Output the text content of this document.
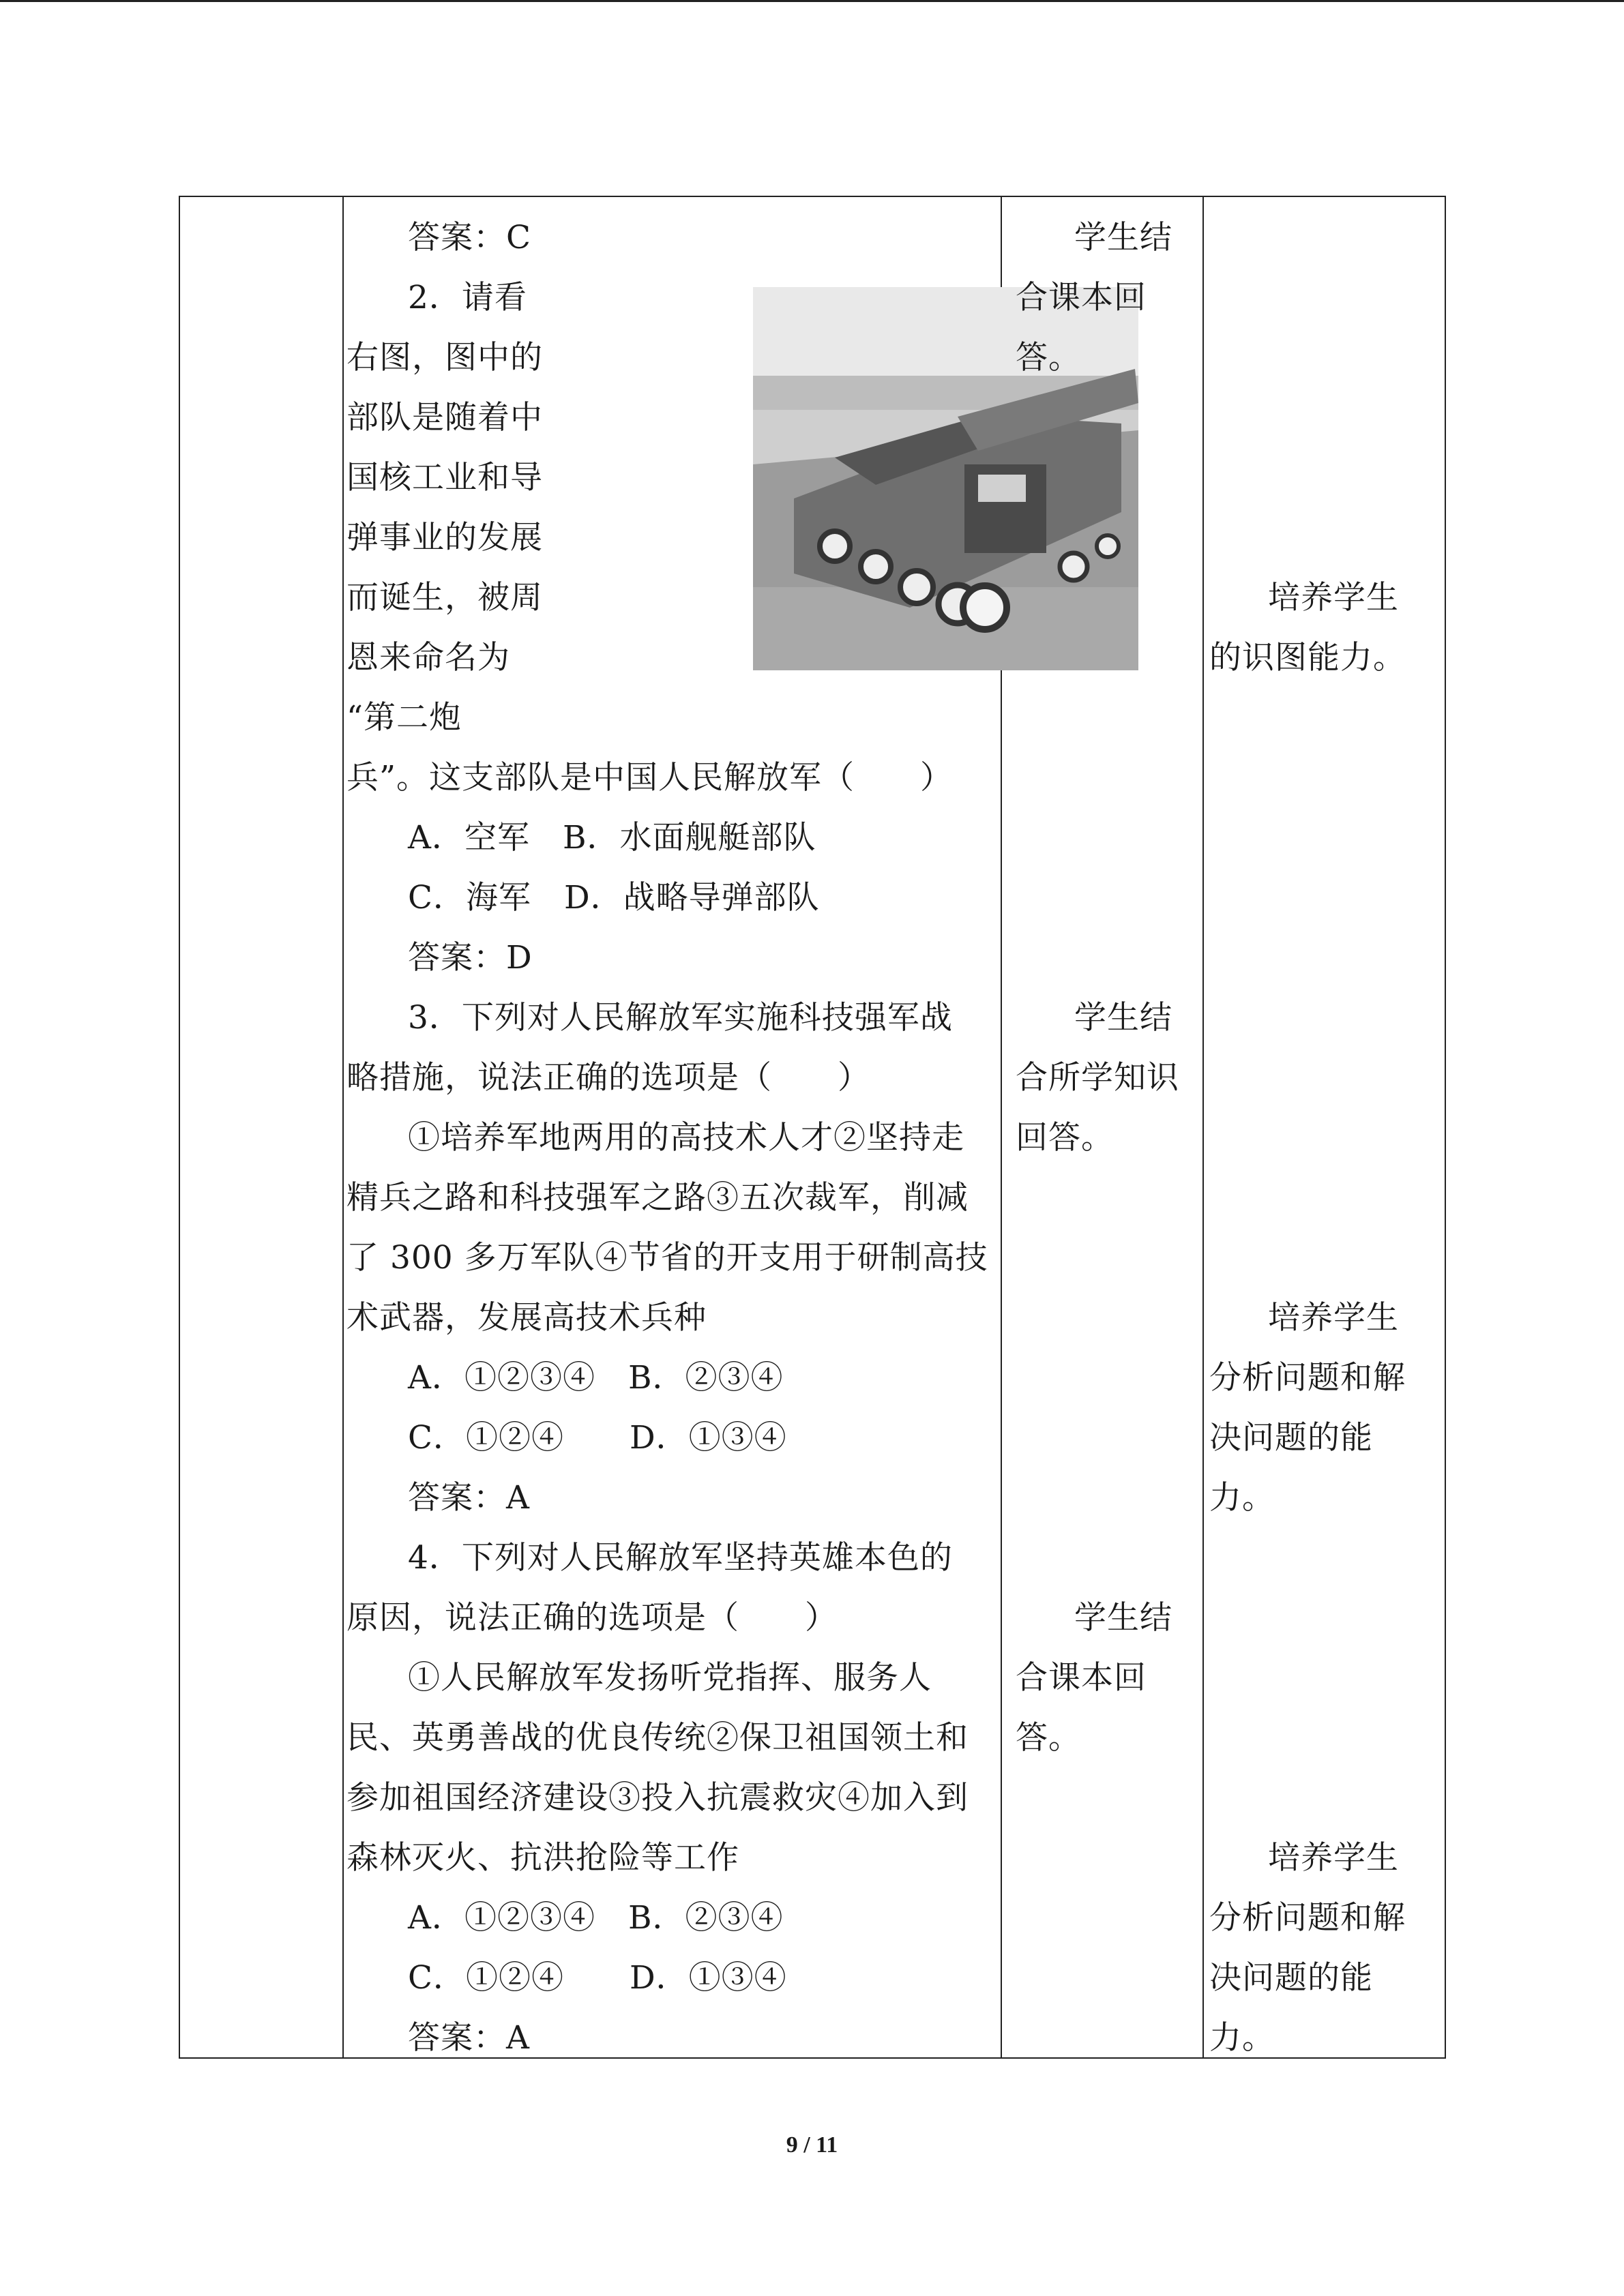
答案：C
2．请看
右图，图中的
部队是随着中
国核工业和导
弹事业的发展
而诞生，被周
恩来命名为
“第二炮
兵”。这支部队是中国人民解放军（　　）
A．空军　B．水面舰艇部队
C．海军　D．战略导弹部队
答案：D
3．下列对人民解放军实施科技强军战
略措施，说法正确的选项是（　　）
①培养军地两用的高技术人才②坚持走
精兵之路和科技强军之路③五次裁军，削减
了 300 多万军队④节省的开支用于研制高技
术武器，发展高技术兵种
A．①②③④　B．②③④
C．①②④　　D．①③④
答案：A
4．下列对人民解放军坚持英雄本色的
原因，说法正确的选项是（　　）
①人民解放军发扬听党指挥、服务人
民、英勇善战的优良传统②保卫祖国领土和
参加祖国经济建设③投入抗震救灾④加入到
森林灭火、抗洪抢险等工作
A．①②③④　B．②③④
C．①②④　　D．①③④
答案：A
学生结
合课本回
答。
学生结
合所学知识
回答。
学生结
合课本回
答。
培养学生
的识图能力。
培养学生
分析问题和解
决问题的能
力。
培养学生
分析问题和解
决问题的能
力。
9 / 11
